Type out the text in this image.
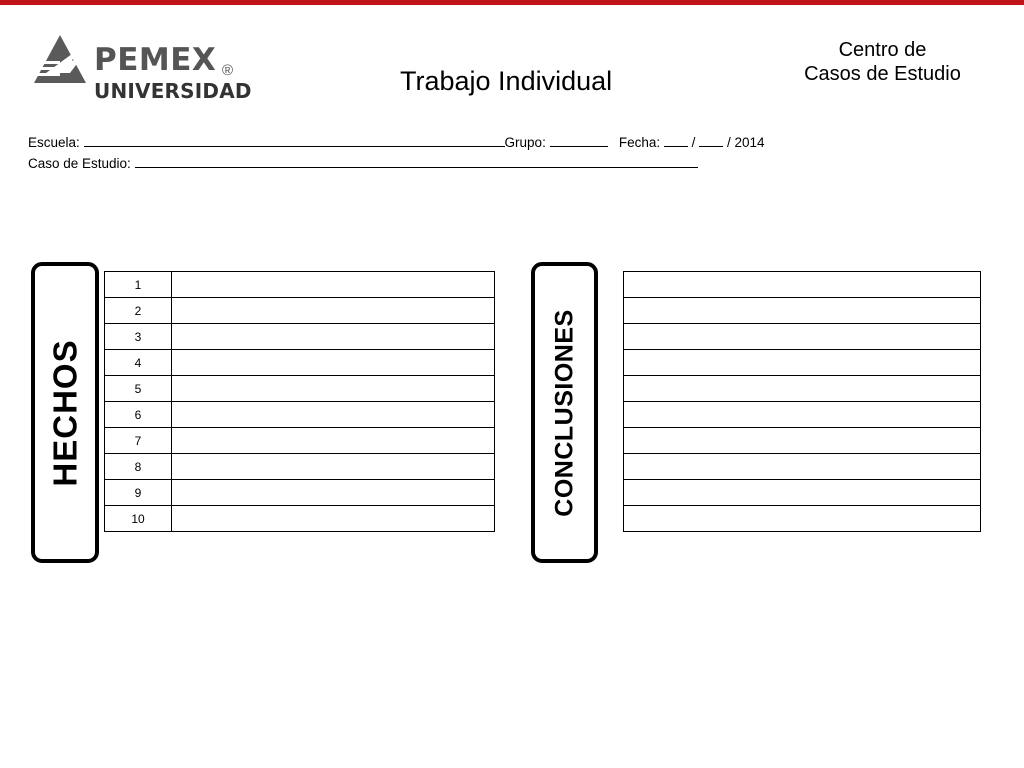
PEMEX ®
UNIVERSIDAD	Trabajo Individual
Centro de
Casos de Estudio
Escuela:	Grupo:	Fecha: / / 2014
Caso de Estudio:
HECHOS
1	
2	
3	
4	
5	
6	
7	
8	
9	
10	
CONCLUSIONES
